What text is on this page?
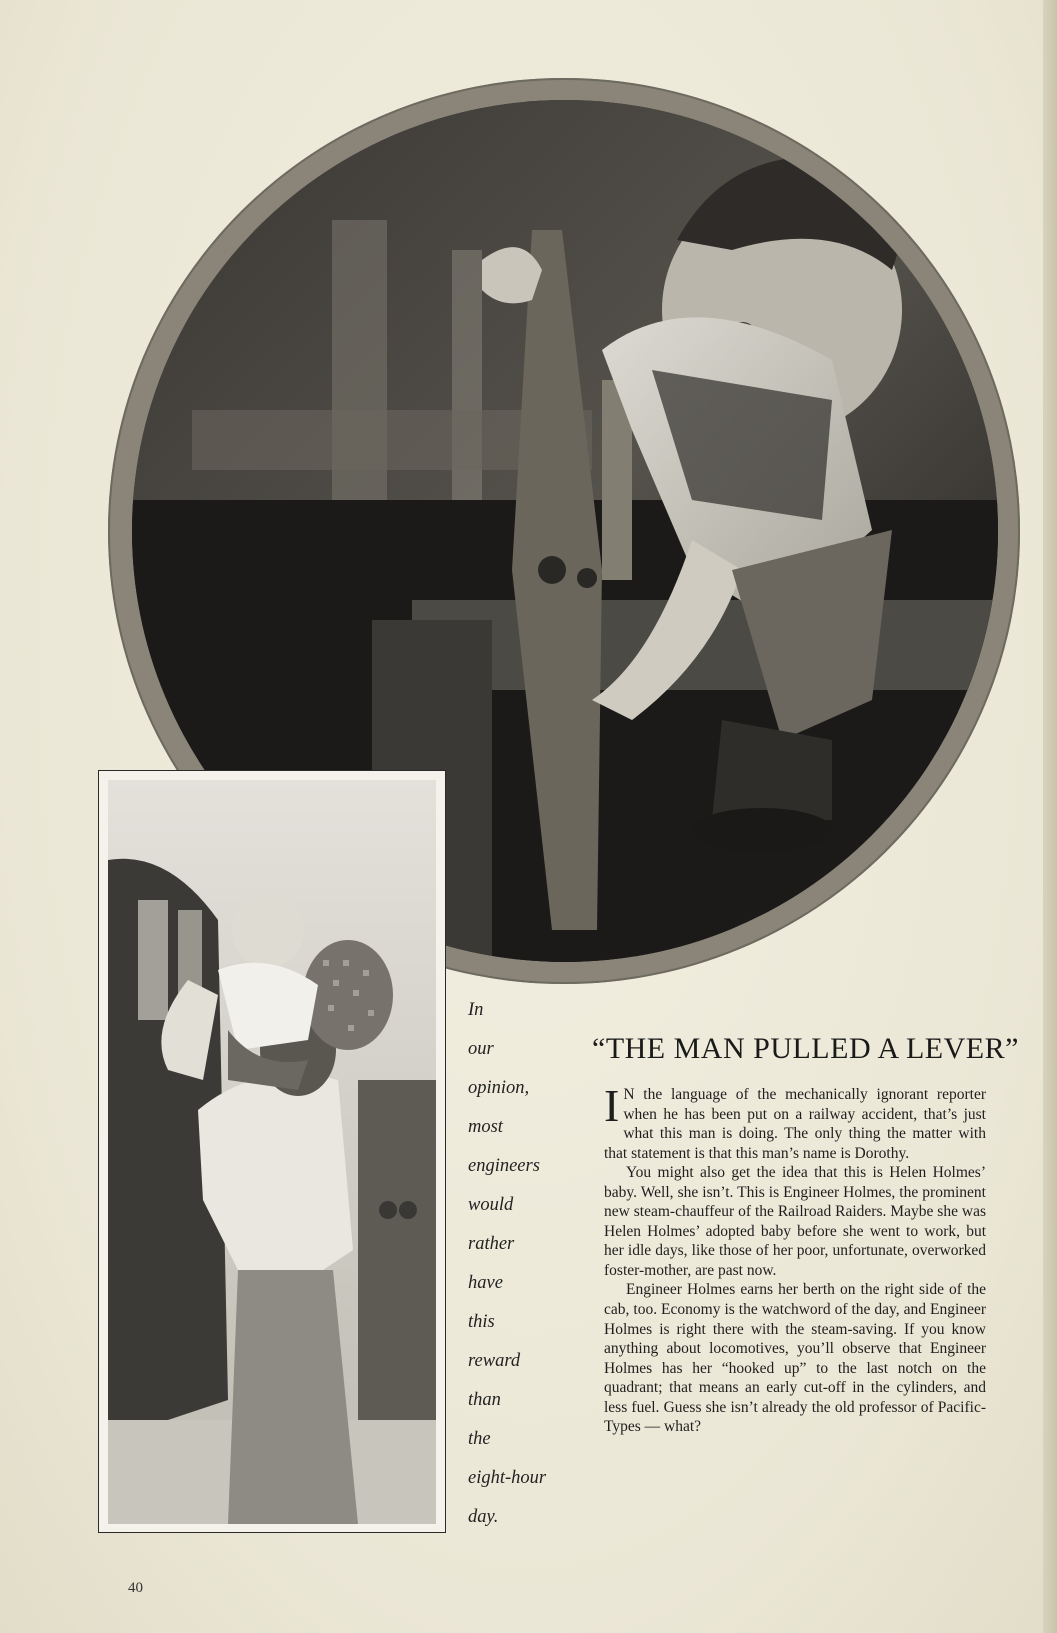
In
our
opinion,
most
engineers
would
rather
have
this
reward
than
the
eight-hour
day.
“THE MAN PULLED A LEVER”

I N the language of the mechanically ignorant reporter when he has been put on a railway accident, that’s just what this man is doing. The only thing the matter with that statement is that this man’s name is Dorothy.

You might also get the idea that this is Helen Holmes’ baby. Well, she isn’t. This is Engineer Holmes, the prominent new steam-chauffeur of the Railroad Raiders. Maybe she was Helen Holmes’ adopted baby before she went to work, but her idle days, like those of her poor, unfortunate, overworked foster-mother, are past now.

Engineer Holmes earns her berth on the right side of the cab, too. Economy is the watchword of the day, and Engineer Holmes is right there with the steam-saving. If you know anything about locomotives, you’ll observe that Engineer Holmes has her “hooked up” to the last notch on the quadrant; that means an early cut-off in the cylinders, and less fuel. Guess she isn’t already the old professor of Pacific-Types — what?

40
